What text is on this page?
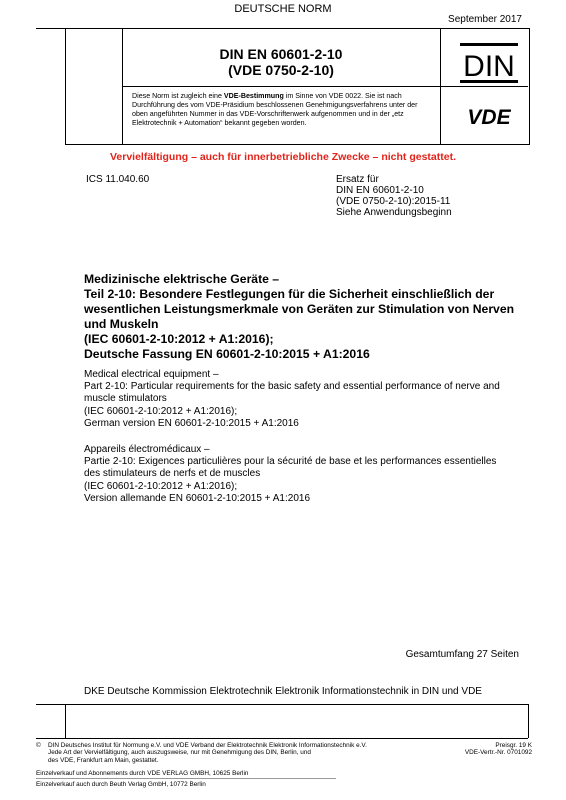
DEUTSCHE NORM
September 2017
DIN EN 60601-2-10
(VDE 0750-2-10)	DIN
Diese Norm ist zugleich eine VDE-Bestimmung im Sinne von VDE 0022. Sie ist nach Durchführung des vom VDE-Präsidium beschlossenen Genehmigungsverfahrens unter der oben angeführten Nummer in das VDE-Vorschriftenwerk aufgenommen und in der „etz Elektrotechnik + Automation“ bekannt gegeben worden.	VDE
Vervielfältigung – auch für innerbetriebliche Zwecke – nicht gestattet.
ICS 11.040.60	Ersatz für
DIN EN 60601-2-10
(VDE 0750-2-10):2015-11
Siehe Anwendungsbeginn
Medizinische elektrische Geräte –
Teil 2-10: Besondere Festlegungen für die Sicherheit einschließlich der
wesentlichen Leistungsmerkmale von Geräten zur Stimulation von Nerven
und Muskeln
(IEC 60601-2-10:2012 + A1:2016);
Deutsche Fassung EN 60601-2-10:2015 + A1:2016
Medical electrical equipment –
Part 2-10: Particular requirements for the basic safety and essential performance of nerve and
muscle stimulators
(IEC 60601-2-10:2012 + A1:2016);
German version EN 60601-2-10:2015 + A1:2016
Appareils électromédicaux –
Partie 2-10: Exigences particulières pour la sécurité de base et les performances essentielles
des stimulateurs de nerfs et de muscles
(IEC 60601-2-10:2012 + A1:2016);
Version allemande EN 60601-2-10:2015 + A1:2016
Gesamtumfang 27 Seiten
DKE Deutsche Kommission Elektrotechnik Elektronik Informationstechnik in DIN und VDE
© DIN Deutsches Institut für Normung e.V. und VDE Verband der Elektrotechnik Elektronik Informationstechnik e.V.
Jede Art der Vervielfältigung, auch auszugsweise, nur mit Genehmigung des DIN, Berlin, und
des VDE, Frankfurt am Main, gestattet.
Preisgr. 19 K
VDE-Vertr.-Nr. 0701092
Einzelverkauf und Abonnements durch VDE VERLAG GMBH, 10625 Berlin
Einzelverkauf auch durch Beuth Verlag GmbH, 10772 Berlin
